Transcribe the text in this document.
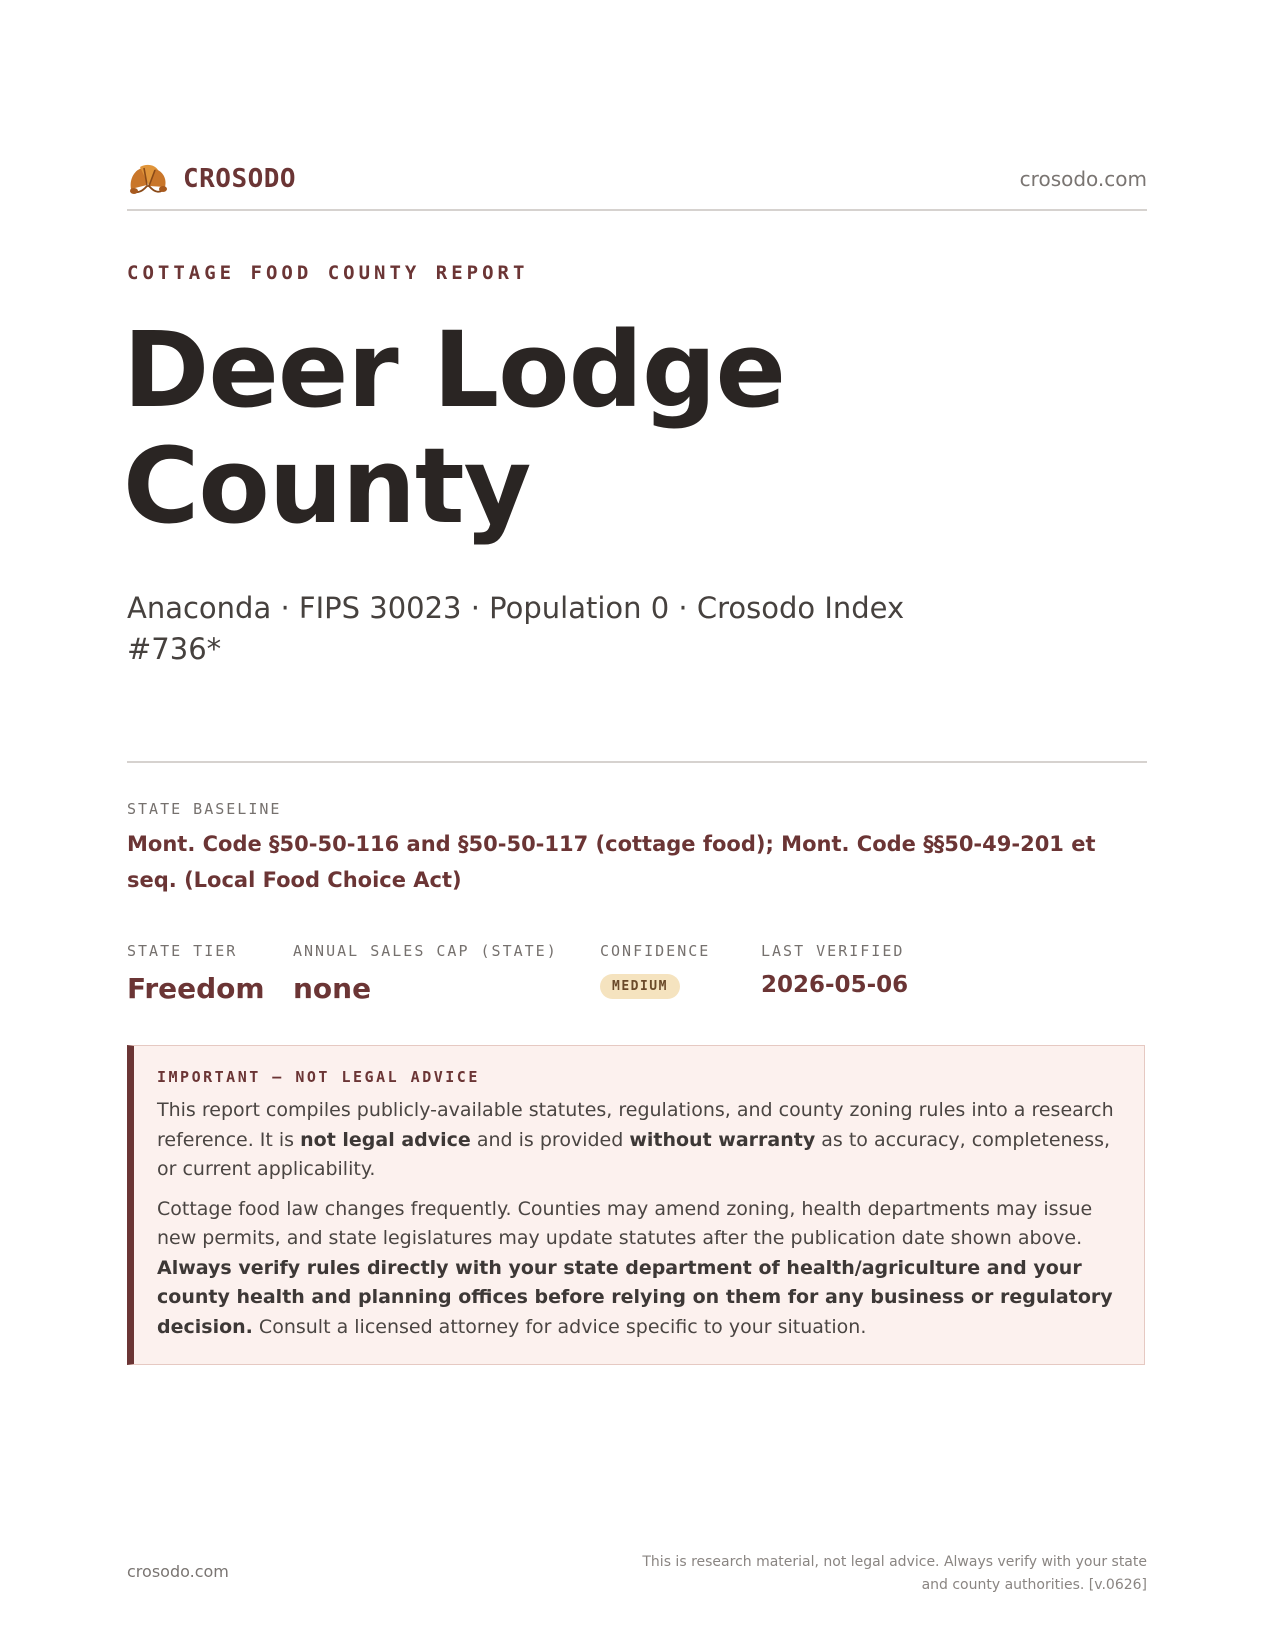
CROSODO	crosodo.com
COTTAGE FOOD COUNTY REPORT
Deer Lodge
County
Anaconda · FIPS 30023 · Population 0 · Crosodo Index #736*
STATE BASELINE
Mont. Code §50-50-116 and §50-50-117 (cottage food); Mont. Code §§50-49-201 et seq. (Local Food Choice Act)
STATE TIER
Freedom
ANNUAL SALES CAP (STATE)
none
CONFIDENCE
MEDIUM
LAST VERIFIED
2026-05-06
IMPORTANT — NOT LEGAL ADVICE

This report compiles publicly-available statutes, regulations, and county zoning rules into a research reference. It is not legal advice and is provided without warranty as to accuracy, completeness, or current applicability.

Cottage food law changes frequently. Counties may amend zoning, health departments may issue new permits, and state legislatures may update statutes after the publication date shown above. Always verify rules directly with your state department of health/agriculture and your county health and planning offices before relying on them for any business or regulatory decision. Consult a licensed attorney for advice specific to your situation.

crosodo.com	This is research material, not legal advice. Always verify with your state
and county authorities. [v.0626]
